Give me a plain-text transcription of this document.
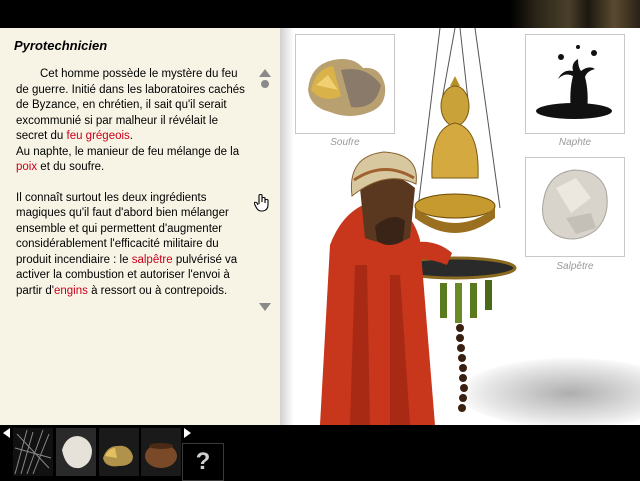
Pyrotechnicien

Cet homme possède le mystère du feu de guerre. Initié dans les laboratoires cachés de Byzance, en chrétien, il sait qu'il serait excommunié si par malheur il révélait le secret du feu grégeois.

Au naphte, le manieur de feu mélange de la poix et du soufre.

Il connaît surtout les deux ingrédients magiques qu'il faut d'abord bien mélanger ensemble et qui permettent d'augmenter considérablement l'efficacité militaire du produit incendiaire : le salpêtre pulvérisé va activer la combustion et autoriser l'envoi à partir d'engins à ressort ou à contrepoids.

Soufre	Naphte
Salpêtre
?
